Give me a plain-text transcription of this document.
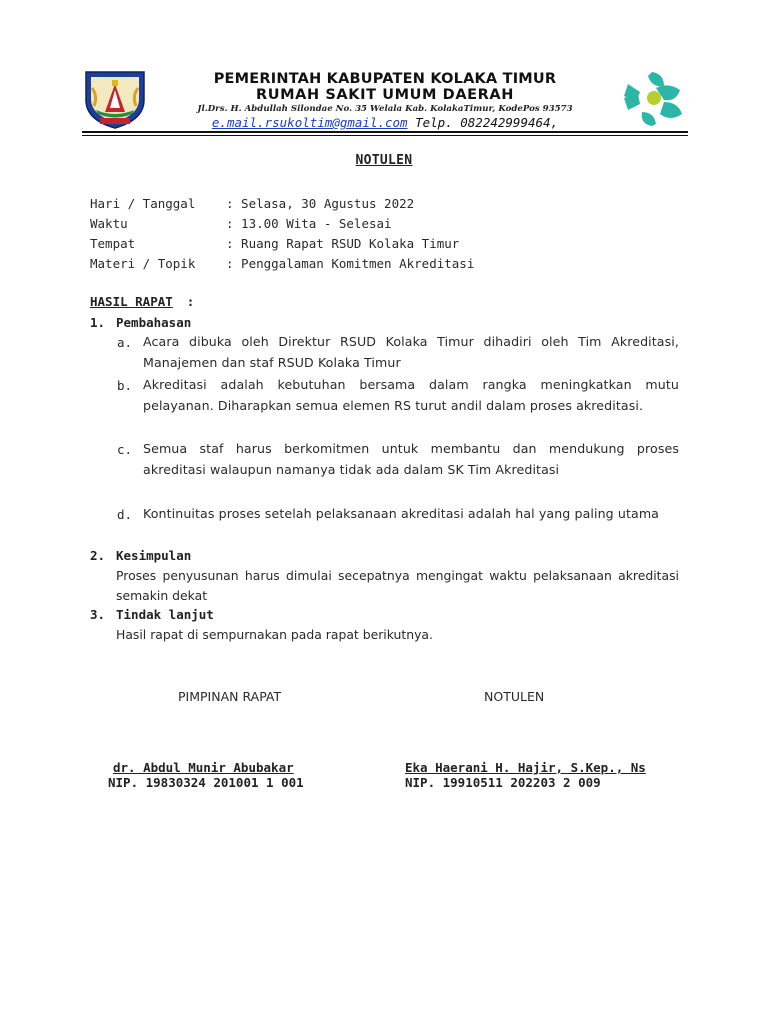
PEMERINTAH KABUPATEN KOLAKA TIMUR
RUMAH SAKIT UMUM DAERAH
Jl.Drs. H. Abdullah Silondae No. 35 Welala Kab. KolakaTimur, KodePos 93573
e.mail.rsukoltim@gmail.com Telp. 082242999464,
NOTULEN
Hari / Tanggal : Selasa, 30 Agustus 2022
Waktu	: 13.00 Wita - Selesai
Tempat	: Ruang Rapat RSUD Kolaka Timur
Materi / Topik : Penggalaman Komitmen Akreditasi
HASIL RAPAT :
1. Pembahasan
a. Acara dibuka oleh Direktur RSUD Kolaka Timur dihadiri oleh Tim Akreditasi, Manajemen dan staf RSUD Kolaka Timur
b. Akreditasi adalah kebutuhan bersama dalam rangka meningkatkan mutu pelayanan. Diharapkan semua elemen RS turut andil dalam proses akreditasi.
c. Semua staf harus berkomitmen untuk membantu dan mendukung proses akreditasi walaupun namanya tidak ada dalam SK Tim Akreditasi
d. Kontinuitas proses setelah pelaksanaan akreditasi adalah hal yang paling utama
2. Kesimpulan
Proses penyusunan harus dimulai secepatnya mengingat waktu pelaksanaan akreditasi semakin dekat
3. Tindak lanjut
Hasil rapat di sempurnakan pada rapat berikutnya.
PIMPINAN RAPAT	NOTULEN
dr. Abdul Munir Abubakar
NIP. 19830324 201001 1 001
Eka Haerani H. Hajir, S.Kep., Ns
NIP. 19910511 202203 2 009
